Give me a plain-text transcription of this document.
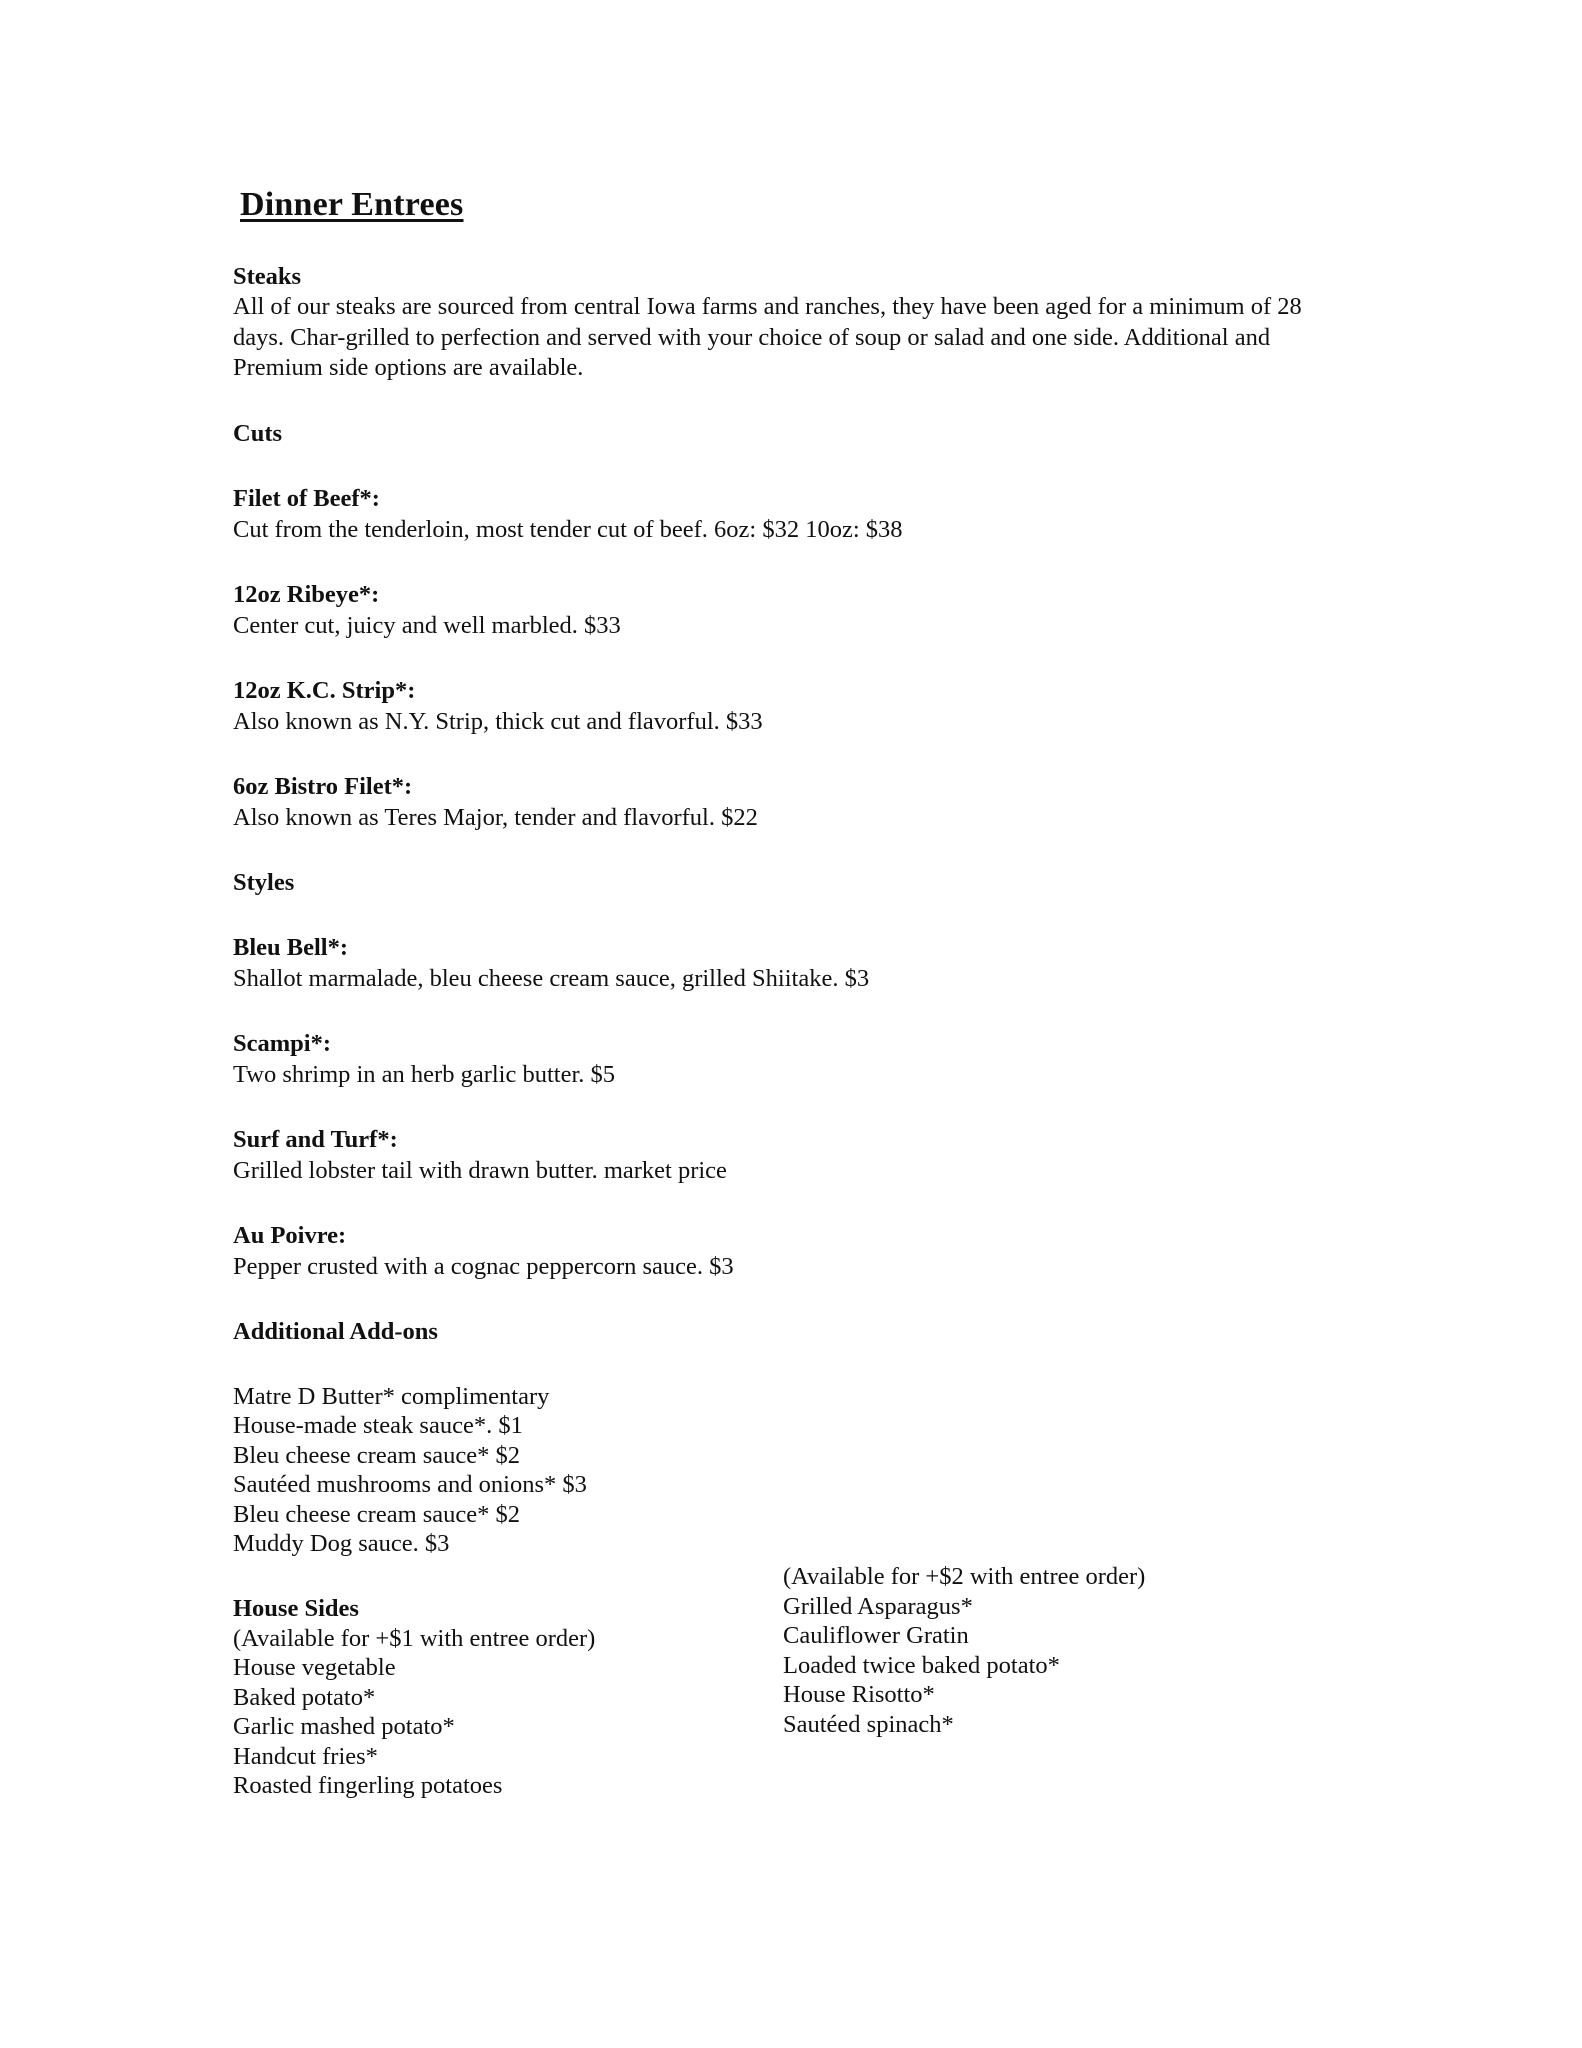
Dinner Entrees
Steaks
All of our steaks are sourced from central Iowa farms and ranches, they have been aged for a minimum of 28 days. Char-grilled to perfection and served with your choice of soup or salad and one side. Additional and Premium side options are available.
Cuts
Filet of Beef*:
Cut from the tenderloin, most tender cut of beef. 6oz: $32 10oz: $38
12oz Ribeye*:
Center cut, juicy and well marbled. $33
12oz K.C. Strip*:
Also known as N.Y. Strip, thick cut and flavorful. $33
6oz Bistro Filet*:
Also known as Teres Major, tender and flavorful. $22
Styles
Bleu Bell*:
Shallot marmalade, bleu cheese cream sauce, grilled Shiitake. $3
Scampi*:
Two shrimp in an herb garlic butter. $5
Surf and Turf*:
Grilled lobster tail with drawn butter. market price
Au Poivre:
Pepper crusted with a cognac peppercorn sauce. $3
Additional Add-ons
Matre D Butter* complimentary
House-made steak sauce*. $1
Bleu cheese cream sauce* $2
Sautéed mushrooms and onions* $3
Bleu cheese cream sauce* $2
Muddy Dog sauce. $3
House Sides
(Available for +$1 with entree order)
House vegetable
Baked potato*
Garlic mashed potato*
Handcut fries*
Roasted fingerling potatoes
(Available for +$2 with entree order)
Grilled Asparagus*
Cauliflower Gratin
Loaded twice baked potato*
House Risotto*
Sautéed spinach*
